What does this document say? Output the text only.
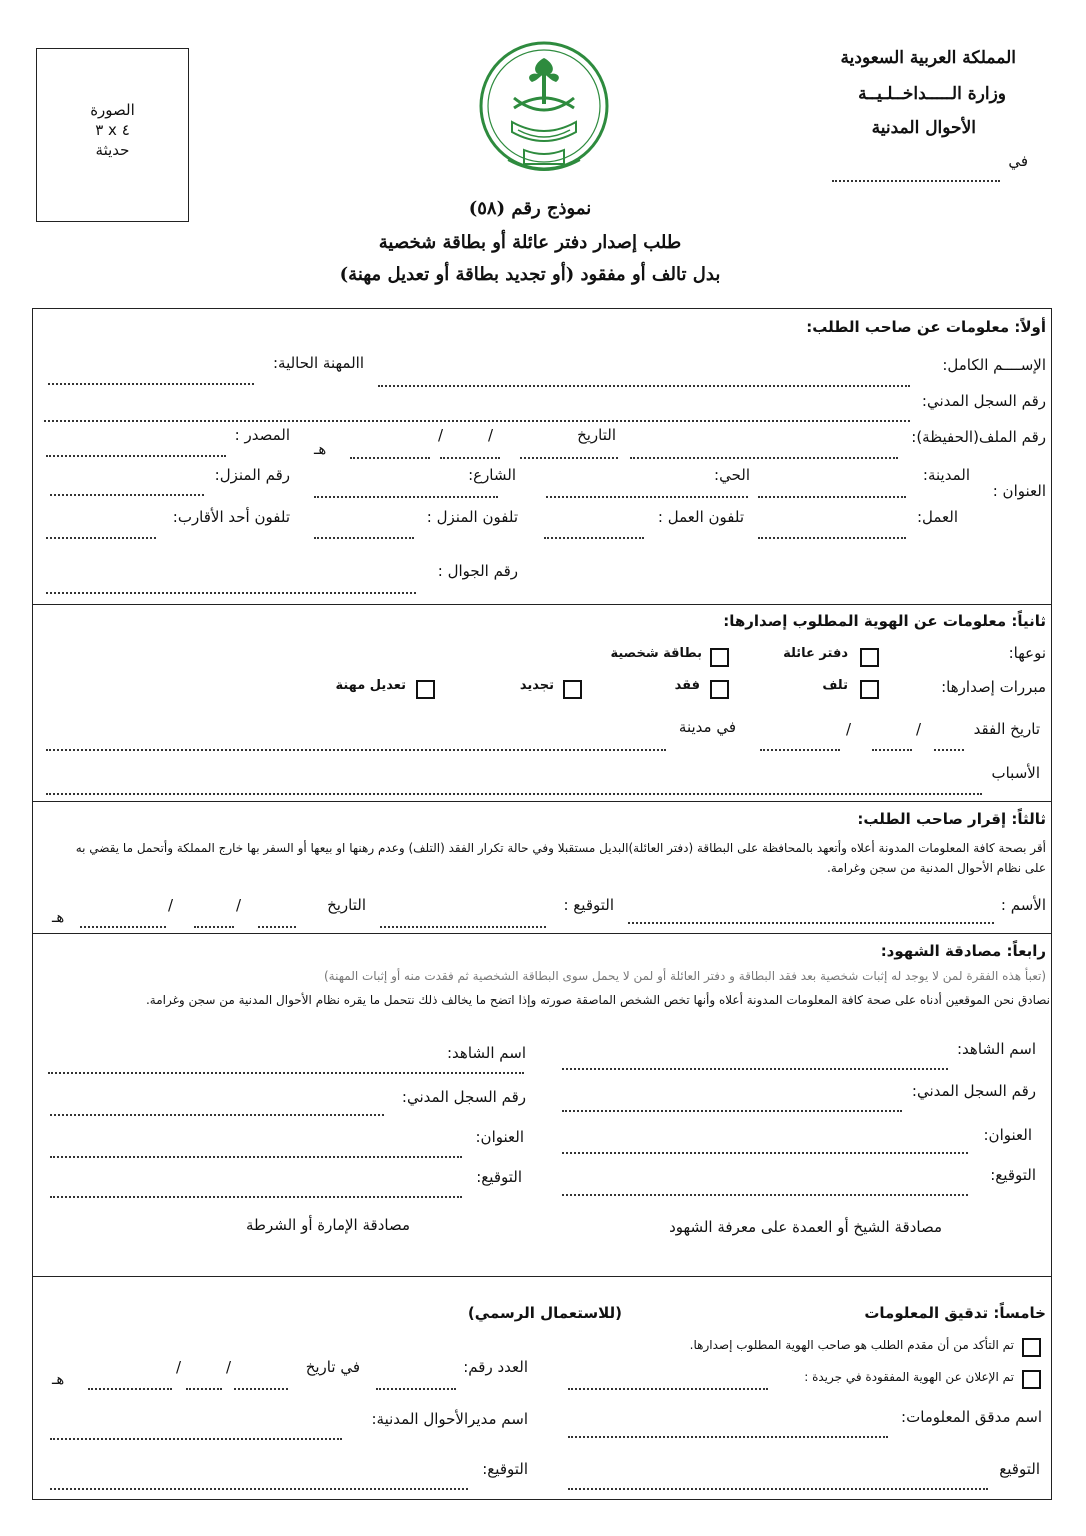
المملكة العربية السعودية
وزارة الـــــداخــلـيــة
الأحوال المدنية
في
الصورة
٤ x ٣
حديثة
نموذج رقم (٥٨)
طلب إصدار دفتر عائلة أو بطاقة شخصية
بدل تالف أو مفقود (أو تجديد بطاقة أو تعديل مهنة)
أولاً: معلومات عن صاحب الطلب:
الإســــم الكامل:
االمهنة الحالية:
رقم السجل المدني:
رقم الملف(الحفيظة):
التاريخ
/
/
هـ
المصدر :
العنوان :
المدينة:
الحي:
الشارع:
رقم المنزل:
العمل:
تلفون العمل :
تلفون المنزل :
تلفون أحد الأقارب:
رقم الجوال :
ثانياً: معلومات عن الهوية المطلوب إصدارها:
نوعها:
دفتر عائلة
بطاقة شخصية
مبررات إصدارها:
تلف
فقد
تجديد
تعديل مهنة
تاريخ الفقد
/
/
في مدينة
الأسباب
ثالثاً: إقرار صاحب الطلب:
أقر بصحة كافة المعلومات المدونة أعلاه وأتعهد بالمحافظة على البطاقة (دفتر العائلة)البديل مستقبلا وفي حالة تكرار الفقد (التلف) وعدم رهنها او بيعها أو السفر بها خارج المملكة وأتحمل ما يقضي به على نظام الأحوال المدنية من سجن وغرامة.
الأسم :
التوقيع :
التاريخ
/
/
هـ
رابعاً: مصادقة الشهود:
(تعبأ هذه الفقرة لمن لا يوجد له إثبات شخصية بعد فقد البطاقة و دفتر العائلة أو لمن لا يحمل سوى البطاقة الشخصية ثم فقدت منه أو إثبات المهنة)
نصادق نحن الموقعين أدناه على صحة كافة المعلومات المدونة أعلاه وأنها تخص الشخص الماصقة صورته وإذا اتضح ما يخالف ذلك نتحمل ما يقره نظام الأحوال المدنية من سجن وغرامة.
اسم الشاهد:
رقم السجل المدني:
العنوان:
التوقيع:
اسم الشاهد:
رقم السجل المدني:
العنوان:
التوقيع:
مصادقة الشيخ أو العمدة على معرفة الشهود
مصادقة الإمارة أو الشرطة
خامساً: تدقيق المعلومات
(للاستعمال الرسمي)
تم التأكد من أن مقدم الطلب هو صاحب الهوية المطلوب إصدارها.
تم الإعلان عن الهوية المفقودة في جريدة :
العدد رقم:
في تاريخ
/
/
هـ
اسم مدقق المعلومات:
اسم مديرالأحوال المدنية:
التوقيع
التوقيع:
